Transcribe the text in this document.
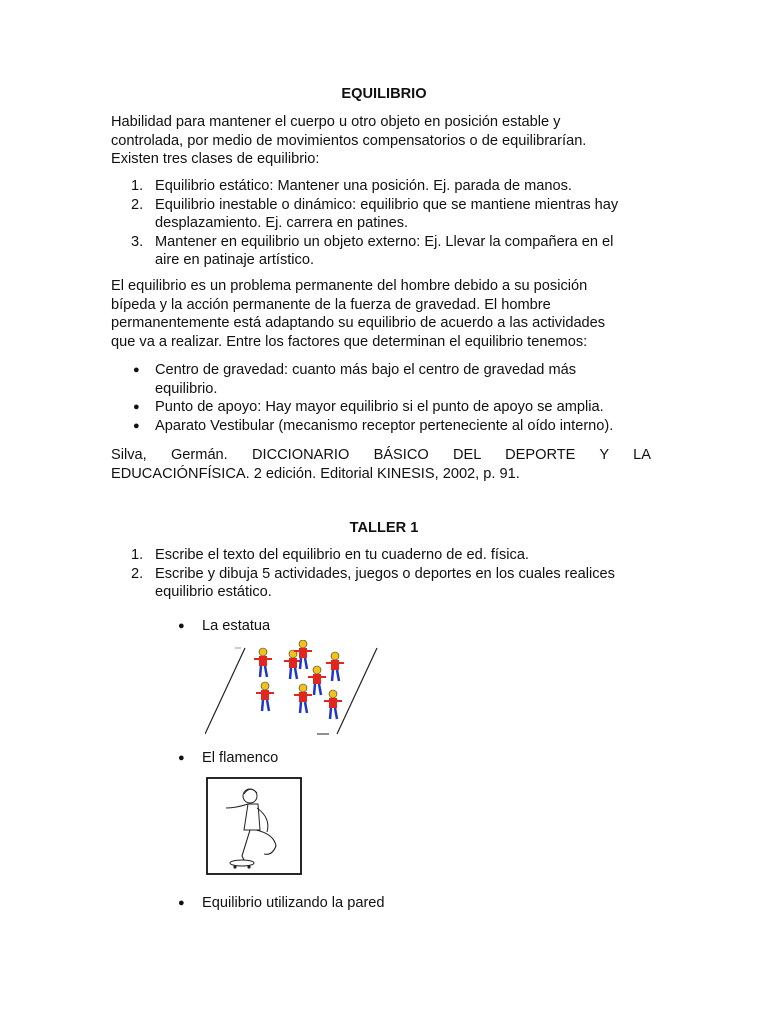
EQUILIBRIO
Habilidad para mantener el cuerpo u otro objeto en posición estable y
controlada, por medio de movimientos compensatorios o de equilibrarían.
Existen tres clases de equilibrio:
1. Equilibrio estático: Mantener una posición. Ej. parada de manos.
2. Equilibrio inestable o dinámico: equilibrio que se mantiene mientras hay
desplazamiento. Ej. carrera en patines.
3. Mantener en equilibrio un objeto externo: Ej. Llevar la compañera en el
aire en patinaje artístico.
El equilibrio es un problema permanente del hombre debido a su posición
bípeda y la acción permanente de la fuerza de gravedad. El hombre
permanentemente está adaptando su equilibrio de acuerdo a las actividades
que va a realizar. Entre los factores que determinan el equilibrio tenemos:
● Centro de gravedad: cuanto más bajo el centro de gravedad más
equilibrio.
● Punto de apoyo: Hay mayor equilibrio si el punto de apoyo se amplia.
● Aparato Vestibular (mecanismo receptor perteneciente al oído interno).
Silva, Germán. DICCIONARIO BÁSICO DEL DEPORTE Y LA
EDUCACIÓNFÍSICA. 2 edición. Editorial KINESIS, 2002, p. 91.
TALLER 1
1. Escribe el texto del equilibrio en tu cuaderno de ed. física.
2. Escribe y dibuja 5 actividades, juegos o deportes en los cuales realices
equilibrio estático.
● La estatua
● El flamenco
● Equilibrio utilizando la pared
